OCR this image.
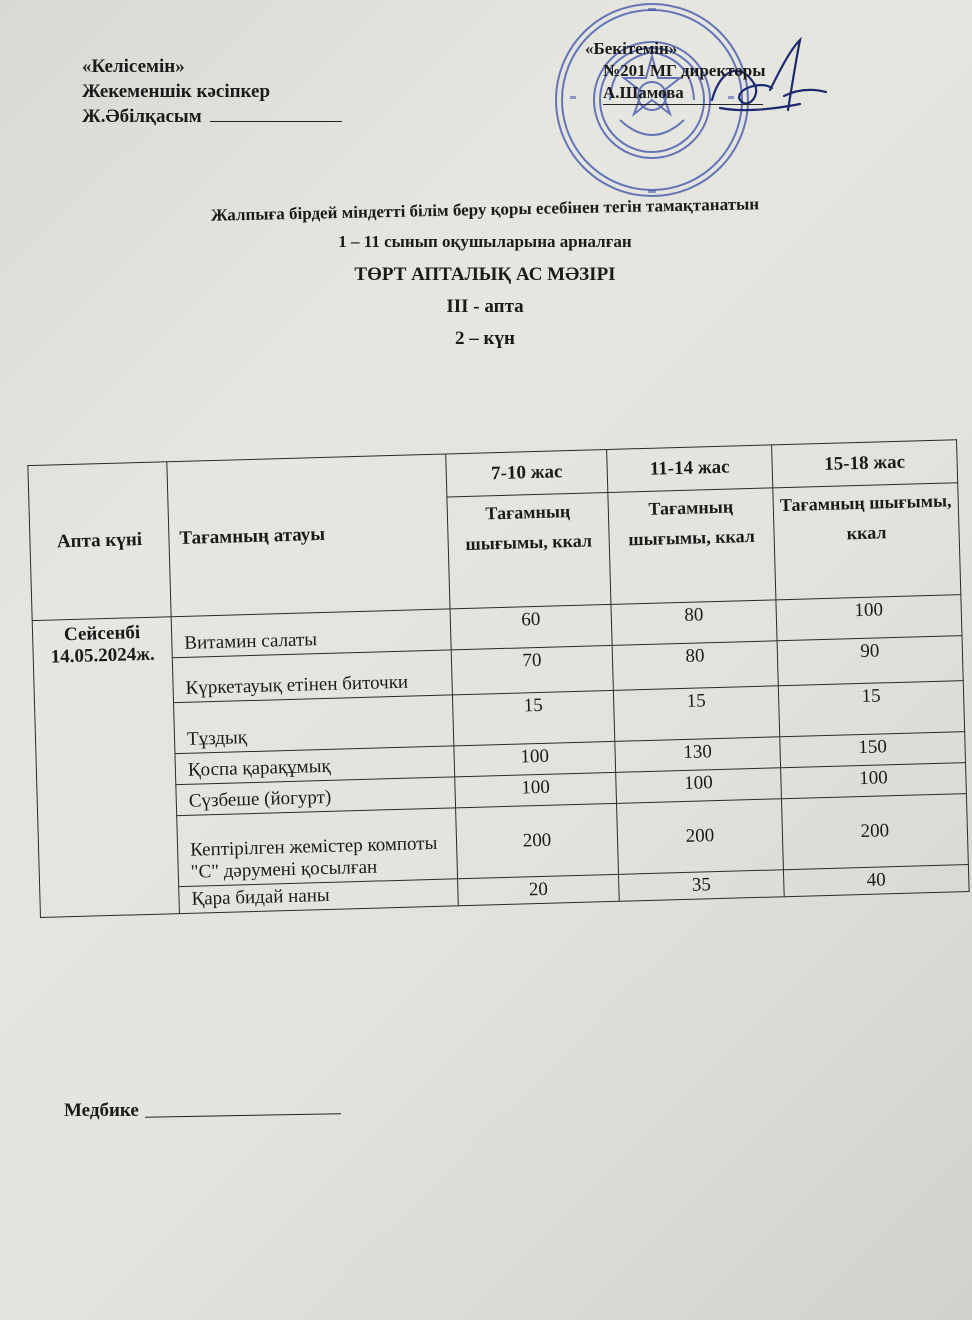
«Келісемін»
Жекеменшік кәсіпкер
Ж.Әбілқасым
«Бекітемін»
№201 МГ директоры
А.Шамова
Жалпыға бірдей міндетті білім беру қоры есебінен тегін тамақтанатын
1 – 11 сынып оқушыларына арналған
ТӨРТ АПТАЛЫҚ АС МӘЗІРІ
ІІІ - апта
2 – күн
Апта күні	Тағамның атауы	7-10 жас	11-14 жас	15-18 жас
		Тағамның шығымы, ккал	Тағамның шығымы, ккал	Тағамның шығымы, ккал

Сейсенбі
14.05.2024ж.	Витамин салаты	60	80	100
	Күркетауық етінен биточки	70	80	90
	Тұздық	15	15	15
	Қоспа қарақұмық	100	130	150
	Сүзбеше (йогурт)	100	100	100
	Кептірілген жемістер компоты "С" дәрумені қосылған	200	200	200
	Қара бидай наны	20	35	40
Медбике
